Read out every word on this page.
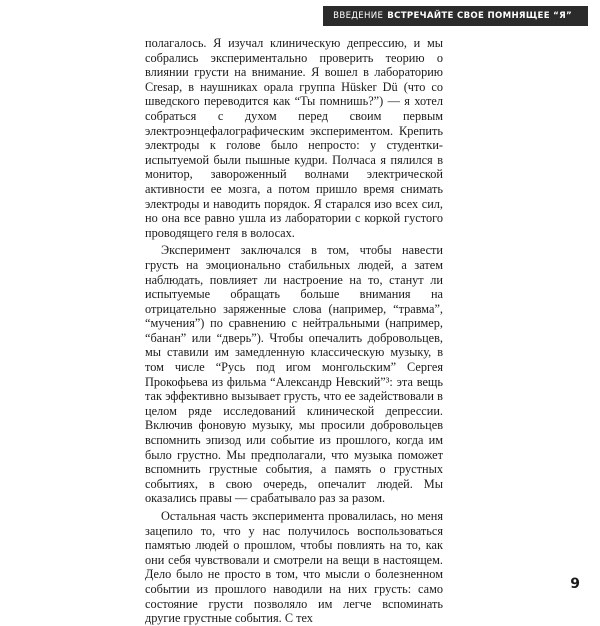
ВВЕДЕНИЕ ВСТРЕЧАЙТЕ СВОЕ ПОМНЯЩЕЕ “Я”

полагалось. Я изучал клиническую депрессию, и мы собрались экспериментально проверить теорию о влиянии грусти на внимание. Я вошел в лабораторию Cresap, в наушниках орала группа Hüsker Dü (что со шведского переводится как “Ты помнишь?”) — я хотел собраться с духом перед своим первым электроэнцефалографическим экспериментом. Крепить электроды к голове было непросто: у студентки-испытуемой были пышные кудри. Полчаса я пялился в монитор, завороженный волнами электрической активности ее мозга, а потом пришло время снимать электроды и наводить порядок. Я старался изо всех сил, но она все равно ушла из лаборатории с коркой густого проводящего геля в волосах.

Эксперимент заключался в том, чтобы навести грусть на эмоционально стабильных людей, а затем наблюдать, повлияет ли настроение на то, станут ли испытуемые обращать больше внимания на отрицательно заряженные слова (например, “травма”, “мучения”) по сравнению с нейтральными (например, “банан” или “дверь”). Чтобы опечалить добровольцев, мы ставили им замедленную классическую музыку, в том числе “Русь под игом монгольским” Сергея Прокофьева из фильма “Александр Невский”³: эта вещь так эффективно вызывает грусть, что ее задействовали в целом ряде исследований клинической депрессии. Включив фоновую музыку, мы просили добровольцев вспомнить эпизод или событие из прошлого, когда им было грустно. Мы предполагали, что музыка поможет вспомнить грустные события, а память о грустных событиях, в свою очередь, опечалит людей. Мы оказались правы — срабатывало раз за разом.

Остальная часть эксперимента провалилась, но меня зацепило то, что у нас получилось воспользоваться памятью людей о прошлом, чтобы повлиять на то, как они себя чувствовали и смотрели на вещи в настоящем. Дело было не просто в том, что мысли о болезненном событии из прошлого наводили на них грусть: само состояние грусти позволяло им легче вспоминать другие грустные события. С тех

9
